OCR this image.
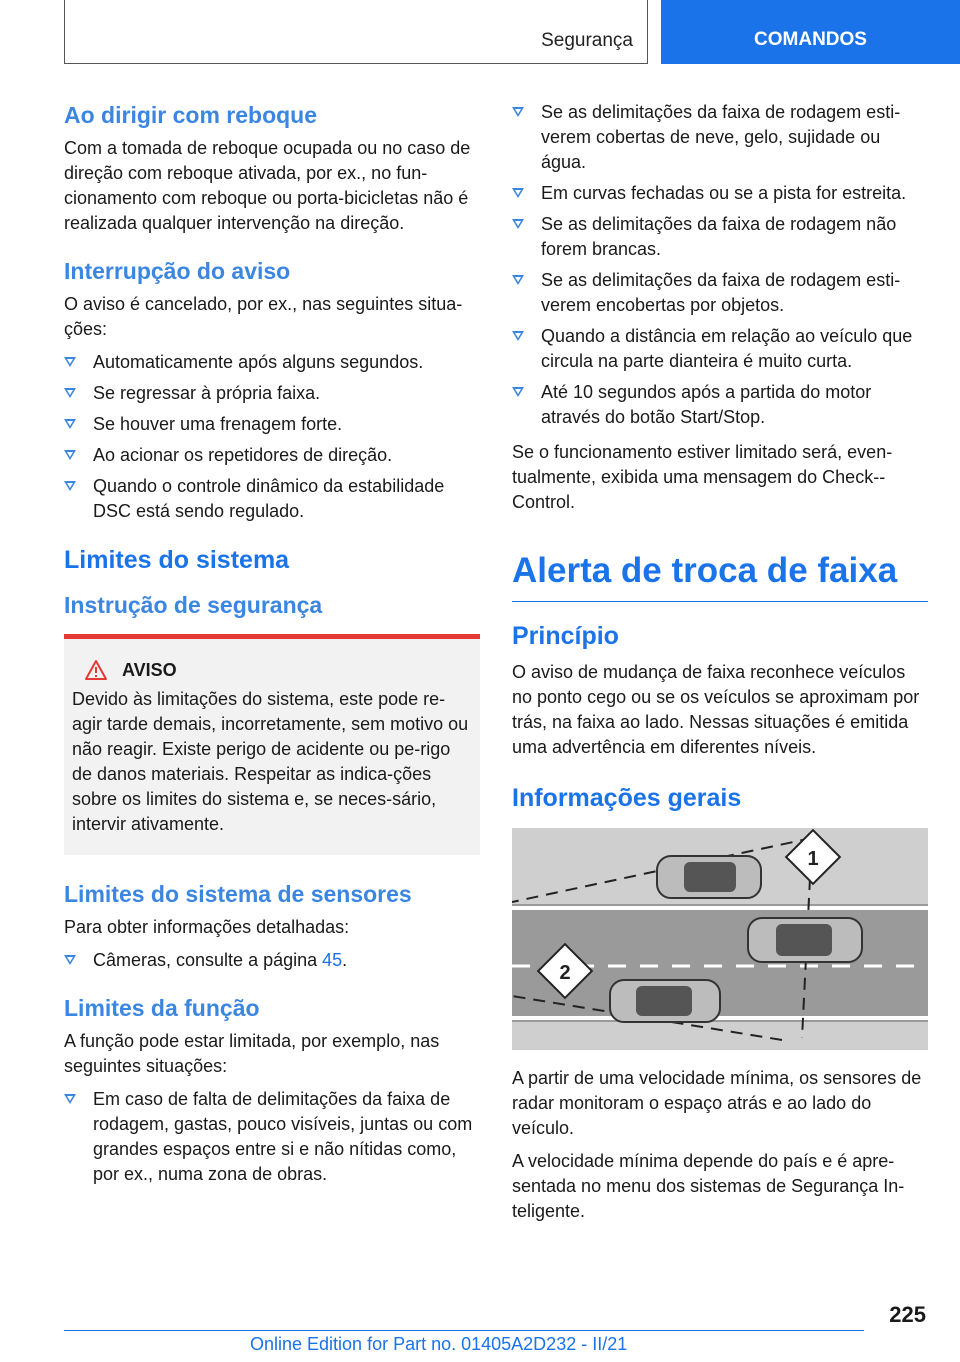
Segurança	COMANDOS
Ao dirigir com reboque

Com a tomada de reboque ocupada ou no caso de direção com reboque ativada, por ex., no fun-cionamento com reboque ou porta-bicicletas não é realizada qualquer intervenção na direção.

Interrupção do aviso

O aviso é cancelado, por ex., nas seguintes situa-ções:

Automaticamente após alguns segundos.
Se regressar à própria faixa.
Se houver uma frenagem forte.
Ao acionar os repetidores de direção.
Quando o controle dinâmico da estabilidade DSC está sendo regulado.
Limites do sistema
Instrução de segurança
AVISO

Devido às limitações do sistema, este pode re-agir tarde demais, incorretamente, sem motivo ou não reagir. Existe perigo de acidente ou pe-rigo de danos materiais. Respeitar as indica-ções sobre os limites do sistema e, se neces-sário, intervir ativamente.

Limites do sistema de sensores

Para obter informações detalhadas:

Câmeras, consulte a página 45.
Limites da função

A função pode estar limitada, por exemplo, nas seguintes situações:

Em caso de falta de delimitações da faixa de rodagem, gastas, pouco visíveis, juntas ou com grandes espaços entre si e não nítidas como, por ex., numa zona de obras.
Se as delimitações da faixa de rodagem esti-verem cobertas de neve, gelo, sujidade ou água.
Em curvas fechadas ou se a pista for estreita.
Se as delimitações da faixa de rodagem não forem brancas.
Se as delimitações da faixa de rodagem esti-verem encobertas por objetos.
Quando a distância em relação ao veículo que circula na parte dianteira é muito curta.
Até 10 segundos após a partida do motor através do botão Start/Stop.

Se o funcionamento estiver limitado será, even-tualmente, exibida uma mensagem do Check--Control.

Alerta de troca de faixa
Princípio

O aviso de mudança de faixa reconhece veículos no ponto cego ou se os veículos se aproximam por trás, na faixa ao lado. Nessas situações é emitida uma advertência em diferentes níveis.

Informações gerais
1
2

A partir de uma velocidade mínima, os sensores de radar monitoram o espaço atrás e ao lado do veículo.

A velocidade mínima depende do país e é apre-sentada no menu dos sistemas de Segurança In-teligente.

225
Online Edition for Part no. 01405A2D232 - II/21
